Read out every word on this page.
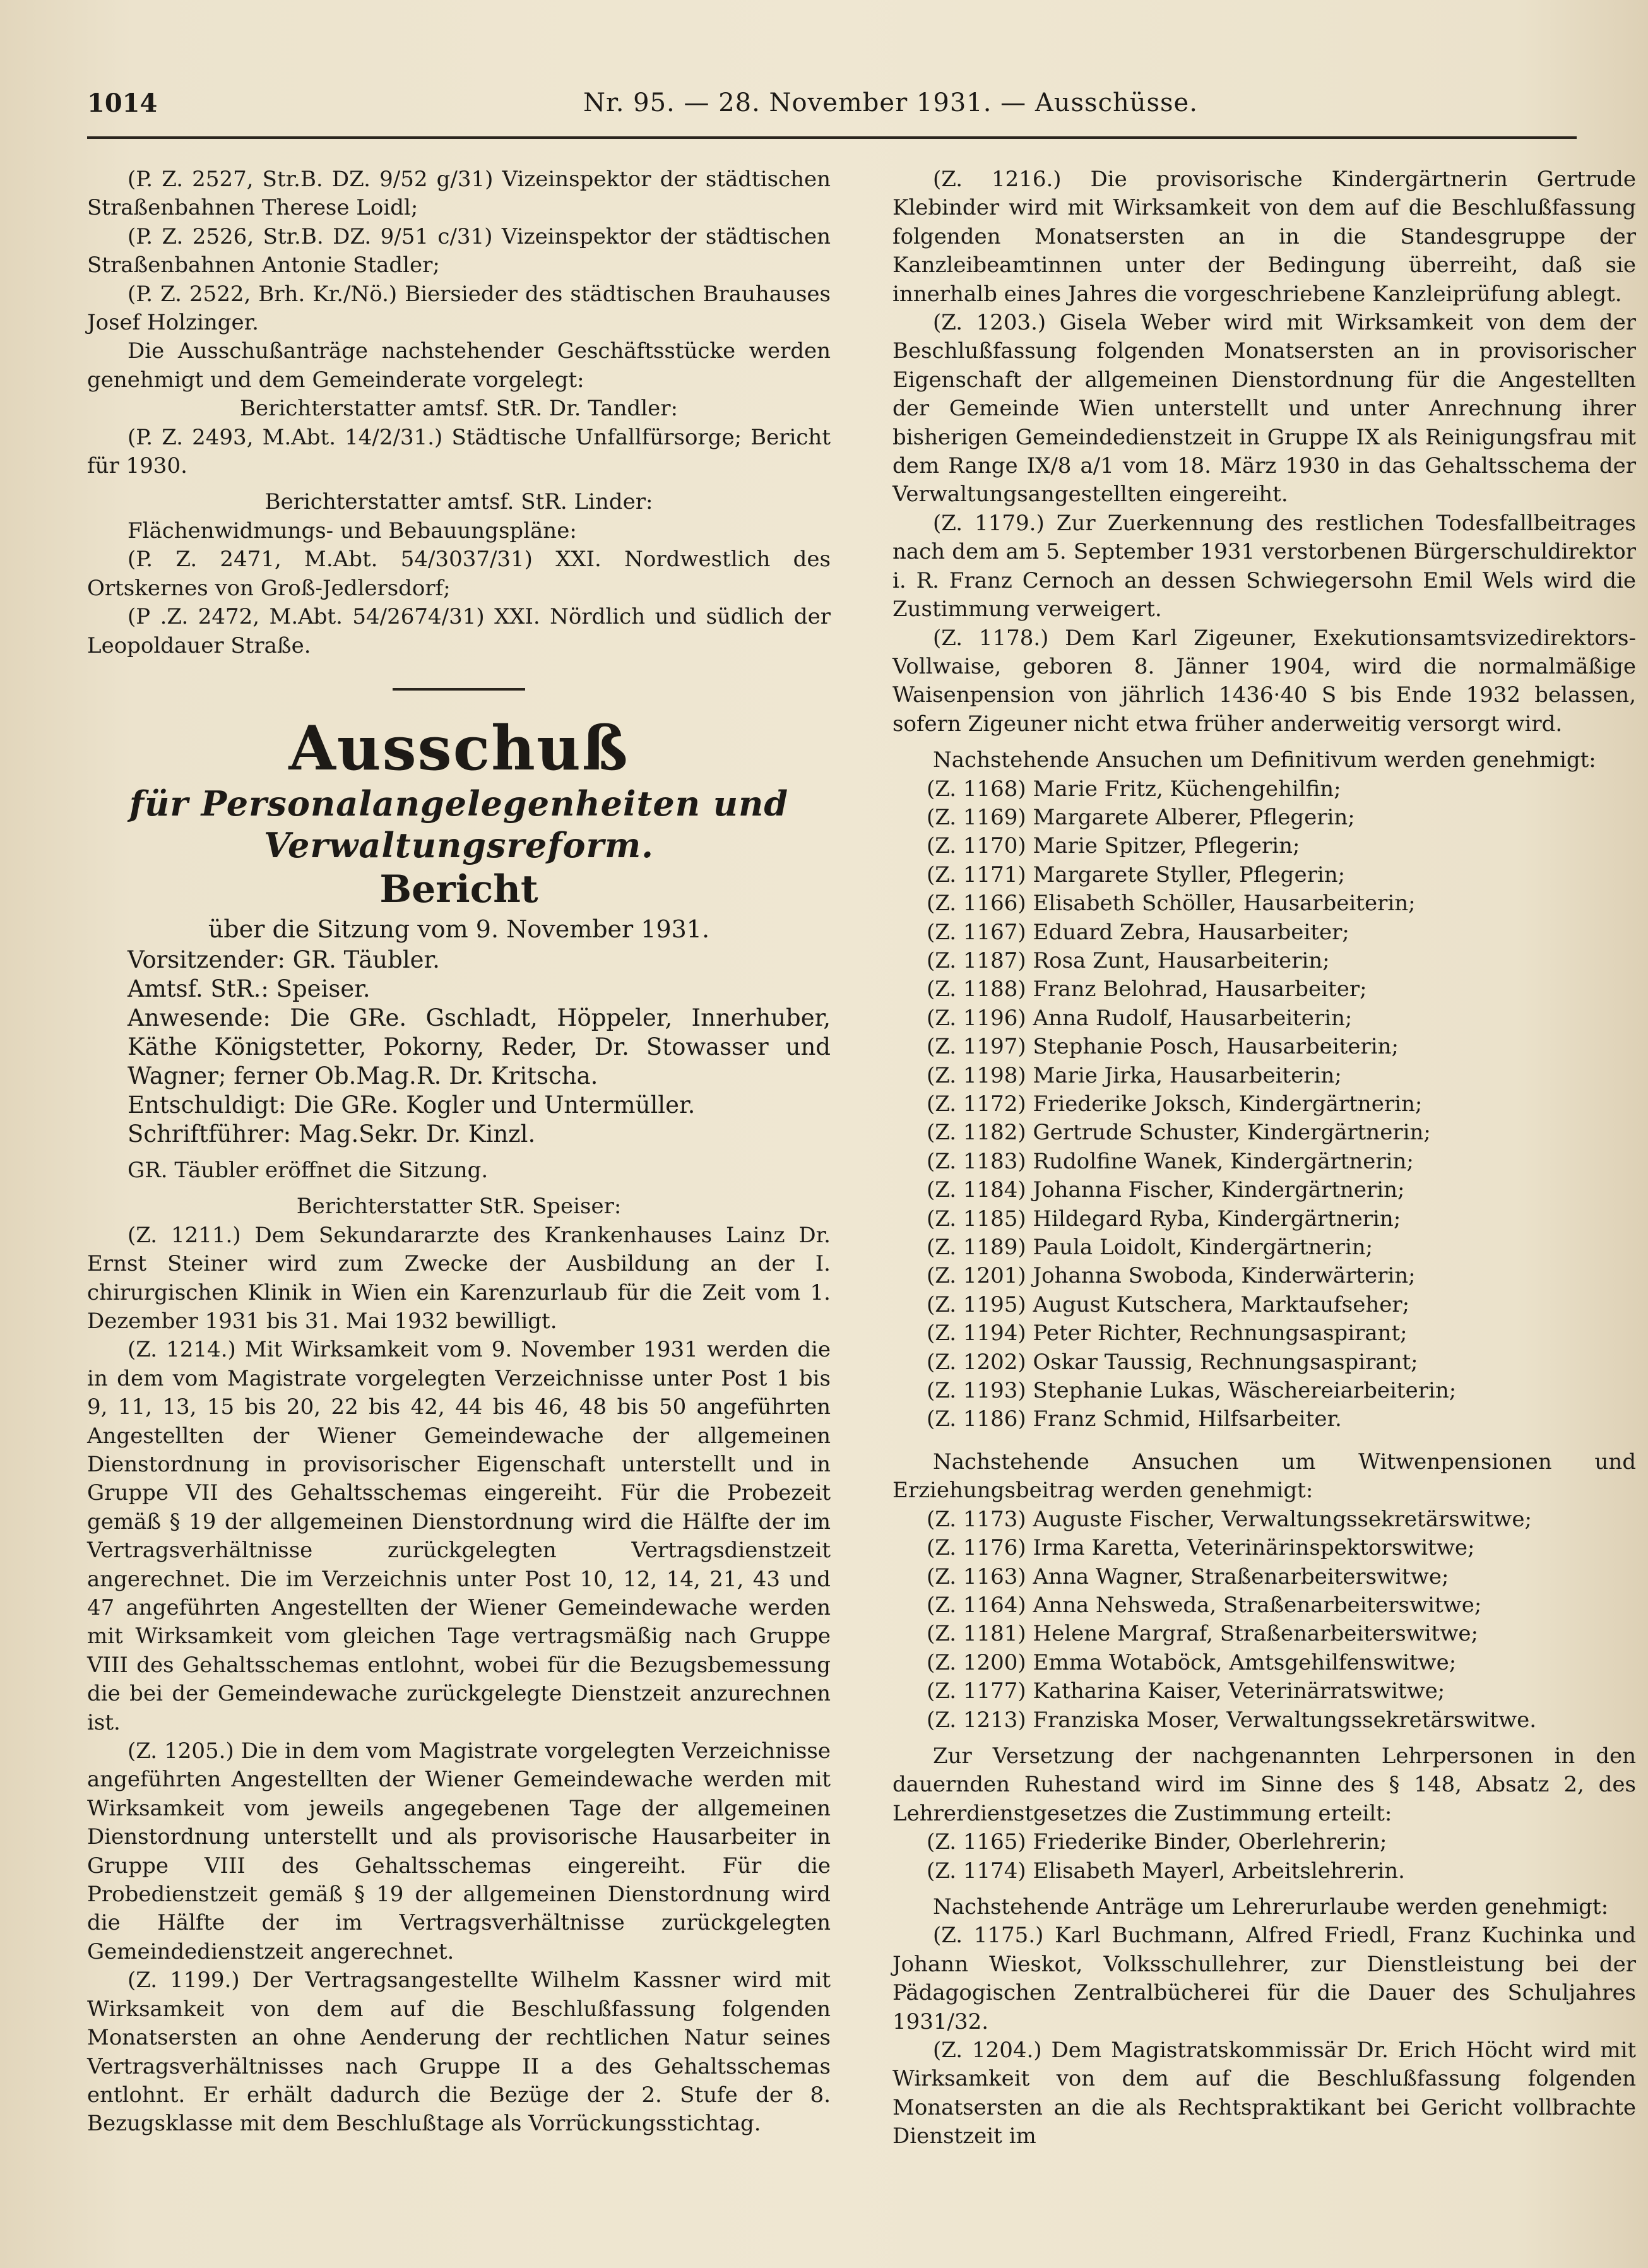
1014	Nr. 95. — 28. November 1931. — Ausschüsse.

(P. Z. 2527, Str.B. DZ. 9/52 g/31) Vizeinspektor der städtischen Straßenbahnen Therese Loidl;

(P. Z. 2526, Str.B. DZ. 9/51 c/31) Vizeinspektor der städtischen Straßenbahnen Antonie Stadler;

(P. Z. 2522, Brh. Kr./Nö.) Biersieder des städtischen Brauhauses Josef Holzinger.

Die Ausschußanträge nachstehender Geschäftsstücke werden genehmigt und dem Gemeinderate vorgelegt:

Berichterstatter amtsf. StR. Dr. Tandler:

(P. Z. 2493, M.Abt. 14/2/31.) Städtische Unfallfürsorge; Bericht für 1930.

Berichterstatter amtsf. StR. Linder:

Flächenwidmungs- und Bebauungspläne:

(P. Z. 2471, M.Abt. 54/3037/31) XXI. Nordwestlich des Ortskernes von Groß-Jedlersdorf;

(P .Z. 2472, M.Abt. 54/2674/31) XXI. Nördlich und südlich der Leopoldauer Straße.

Ausschuß
für Personalangelegenheiten und Verwaltungsreform.
Bericht
über die Sitzung vom 9. November 1931.

Vorsitzender: GR. Täubler.

Amtsf. StR.: Speiser.

Anwesende: Die GRe. Gschladt, Höppeler, Innerhuber, Käthe Königstetter, Pokorny, Reder, Dr. Stowasser und Wagner; ferner Ob.Mag.R. Dr. Kritscha.

Entschuldigt: Die GRe. Kogler und Untermüller.

Schriftführer: Mag.Sekr. Dr. Kinzl.

GR. Täubler eröffnet die Sitzung.

Berichterstatter StR. Speiser:

(Z. 1211.) Dem Sekundararzte des Krankenhauses Lainz Dr. Ernst Steiner wird zum Zwecke der Ausbildung an der I. chirurgischen Klinik in Wien ein Karenzurlaub für die Zeit vom 1. Dezember 1931 bis 31. Mai 1932 bewilligt.

(Z. 1214.) Mit Wirksamkeit vom 9. November 1931 werden die in dem vom Magistrate vorgelegten Verzeichnisse unter Post 1 bis 9, 11, 13, 15 bis 20, 22 bis 42, 44 bis 46, 48 bis 50 angeführten Angestellten der Wiener Gemeindewache der allgemeinen Dienstordnung in provisorischer Eigenschaft unterstellt und in Gruppe VII des Gehaltsschemas eingereiht. Für die Probezeit gemäß § 19 der allgemeinen Dienstordnung wird die Hälfte der im Vertragsverhältnisse zurückgelegten Vertragsdienstzeit angerechnet. Die im Verzeichnis unter Post 10, 12, 14, 21, 43 und 47 angeführten Angestellten der Wiener Gemeindewache werden mit Wirksamkeit vom gleichen Tage vertragsmäßig nach Gruppe VIII des Gehaltsschemas entlohnt, wobei für die Bezugsbemessung die bei der Gemeindewache zurückgelegte Dienstzeit anzurechnen ist.

(Z. 1205.) Die in dem vom Magistrate vorgelegten Verzeichnisse angeführten Angestellten der Wiener Gemeindewache werden mit Wirksamkeit vom jeweils angegebenen Tage der allgemeinen Dienstordnung unterstellt und als provisorische Hausarbeiter in Gruppe VIII des Gehaltsschemas eingereiht. Für die Probedienstzeit gemäß § 19 der allgemeinen Dienstordnung wird die Hälfte der im Vertragsverhältnisse zurückgelegten Gemeindedienstzeit angerechnet.

(Z. 1199.) Der Vertragsangestellte Wilhelm Kassner wird mit Wirksamkeit von dem auf die Beschlußfassung folgenden Monatsersten an ohne Aenderung der rechtlichen Natur seines Vertragsverhältnisses nach Gruppe II a des Gehaltsschemas entlohnt. Er erhält dadurch die Bezüge der 2. Stufe der 8. Bezugsklasse mit dem Beschlußtage als Vorrückungsstichtag.

(Z. 1216.) Die provisorische Kindergärtnerin Gertrude Klebinder wird mit Wirksamkeit von dem auf die Beschlußfassung folgenden Monatsersten an in die Standesgruppe der Kanzleibeamtinnen unter der Bedingung überreiht, daß sie innerhalb eines Jahres die vorgeschriebene Kanzleiprüfung ablegt.

(Z. 1203.) Gisela Weber wird mit Wirksamkeit von dem der Beschlußfassung folgenden Monatsersten an in provisorischer Eigenschaft der allgemeinen Dienstordnung für die Angestellten der Gemeinde Wien unterstellt und unter Anrechnung ihrer bisherigen Gemeindedienstzeit in Gruppe IX als Reinigungsfrau mit dem Range IX/8 a/1 vom 18. März 1930 in das Gehaltsschema der Verwaltungsangestellten eingereiht.

(Z. 1179.) Zur Zuerkennung des restlichen Todesfallbeitrages nach dem am 5. September 1931 verstorbenen Bürgerschuldirektor i. R. Franz Cernoch an dessen Schwiegersohn Emil Wels wird die Zustimmung verweigert.

(Z. 1178.) Dem Karl Zigeuner, Exekutionsamtsvizedirektors-Vollwaise, geboren 8. Jänner 1904, wird die normalmäßige Waisenpension von jährlich 1436·40 S bis Ende 1932 belassen, sofern Zigeuner nicht etwa früher anderweitig versorgt wird.

Nachstehende Ansuchen um Definitivum werden genehmigt:

(Z. 1168) Marie Fritz, Küchengehilfin;
(Z. 1169) Margarete Alberer, Pflegerin;
(Z. 1170) Marie Spitzer, Pflegerin;
(Z. 1171) Margarete Styller, Pflegerin;
(Z. 1166) Elisabeth Schöller, Hausarbeiterin;
(Z. 1167) Eduard Zebra, Hausarbeiter;
(Z. 1187) Rosa Zunt, Hausarbeiterin;
(Z. 1188) Franz Belohrad, Hausarbeiter;
(Z. 1196) Anna Rudolf, Hausarbeiterin;
(Z. 1197) Stephanie Posch, Hausarbeiterin;
(Z. 1198) Marie Jirka, Hausarbeiterin;
(Z. 1172) Friederike Joksch, Kindergärtnerin;
(Z. 1182) Gertrude Schuster, Kindergärtnerin;
(Z. 1183) Rudolfine Wanek, Kindergärtnerin;
(Z. 1184) Johanna Fischer, Kindergärtnerin;
(Z. 1185) Hildegard Ryba, Kindergärtnerin;
(Z. 1189) Paula Loidolt, Kindergärtnerin;
(Z. 1201) Johanna Swoboda, Kinderwärterin;
(Z. 1195) August Kutschera, Marktaufseher;
(Z. 1194) Peter Richter, Rechnungsaspirant;
(Z. 1202) Oskar Taussig, Rechnungsaspirant;
(Z. 1193) Stephanie Lukas, Wäschereiarbeiterin;
(Z. 1186) Franz Schmid, Hilfsarbeiter.

Nachstehende Ansuchen um Witwenpensionen und Erziehungsbeitrag werden genehmigt:

(Z. 1173) Auguste Fischer, Verwaltungssekretärswitwe;
(Z. 1176) Irma Karetta, Veterinärinspektorswitwe;
(Z. 1163) Anna Wagner, Straßenarbeiterswitwe;
(Z. 1164) Anna Nehsweda, Straßenarbeiterswitwe;
(Z. 1181) Helene Margraf, Straßenarbeiterswitwe;
(Z. 1200) Emma Wotaböck, Amtsgehilfenswitwe;
(Z. 1177) Katharina Kaiser, Veterinärratswitwe;
(Z. 1213) Franziska Moser, Verwaltungssekretärswitwe.

Zur Versetzung der nachgenannten Lehrpersonen in den dauernden Ruhestand wird im Sinne des § 148, Absatz 2, des Lehrerdienstgesetzes die Zustimmung erteilt:

(Z. 1165) Friederike Binder, Oberlehrerin;
(Z. 1174) Elisabeth Mayerl, Arbeitslehrerin.

Nachstehende Anträge um Lehrerurlaube werden genehmigt:

(Z. 1175.) Karl Buchmann, Alfred Friedl, Franz Kuchinka und Johann Wieskot, Volksschullehrer, zur Dienstleistung bei der Pädagogischen Zentralbücherei für die Dauer des Schuljahres 1931/32.

(Z. 1204.) Dem Magistratskommissär Dr. Erich Höcht wird mit Wirksamkeit von dem auf die Beschlußfassung folgenden Monatsersten an die als Rechtspraktikant bei Gericht vollbrachte Dienstzeit im
